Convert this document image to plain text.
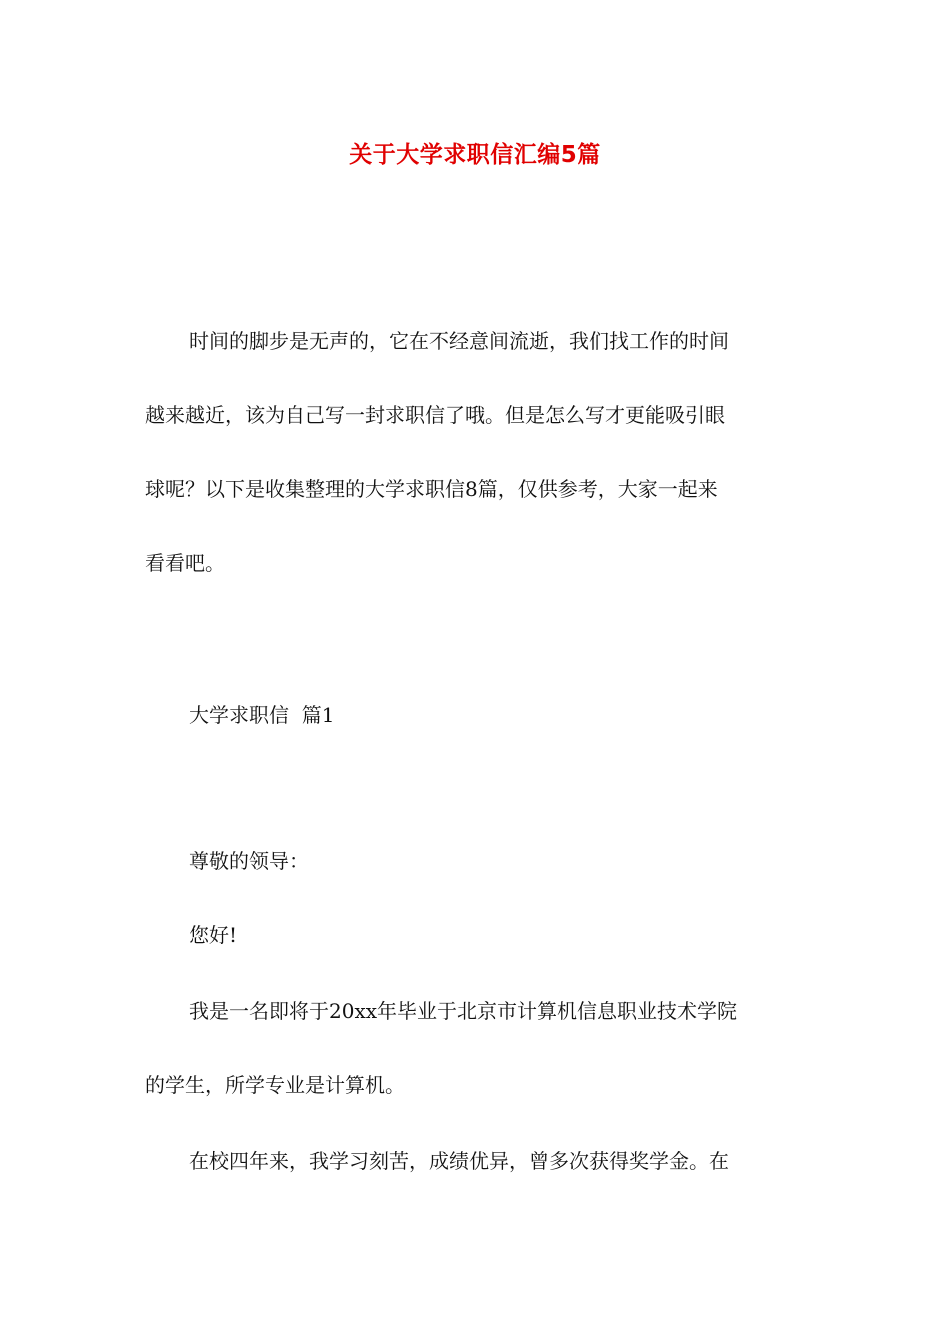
关于大学求职信汇编5篇
时间的脚步是无声的，它在不经意间流逝，我们找工作的时间
越来越近，该为自己写一封求职信了哦。但是怎么写才更能吸引眼
球呢？以下是收集整理的大学求职信8篇，仅供参考，大家一起来
看看吧。
大学求职信  篇1
尊敬的领导：
您好!
我是一名即将于20xx年毕业于北京市计算机信息职业技术学院
的学生，所学专业是计算机。
在校四年来，我学习刻苦，成绩优异，曾多次获得奖学金。在
